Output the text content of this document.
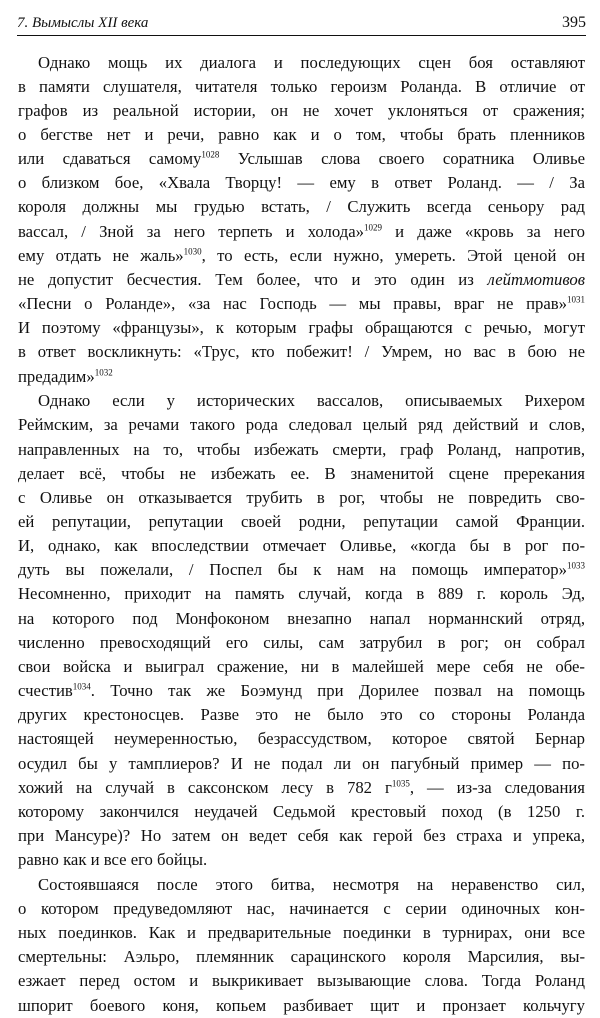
7. Вымыслы XII века	395
Однако мощь их диалога и последующих сцен боя оставляют
в памяти слушателя, читателя только героизм Роланда. В отличие от
графов из реальной истории, он не хочет уклоняться от сражения;
о бегстве нет и речи, равно как и о том, чтобы брать пленников
или сдаваться самому$^{1028}$ Услышав слова своего соратника Оливье
о близком бое, «Хвала Творцу! — ему в ответ Роланд. — / За
короля должны мы грудью встать, / Служить всегда сеньору рад
вассал, / Зной за него терпеть и холода»$^{1029}$ и даже «кровь за него
ему отдать не жаль»$^{1030}$, то есть, если нужно, умереть. Этой ценой он
не допустит бесчестия. Тем более, что и это один из лейтмотивов
«Песни о Роланде», «за нас Господь — мы правы, враг не прав»$^{1031}$
И поэтому «французы», к которым графы обращаются с речью, могут
в ответ воскликнуть: «Трус, кто побежит! / Умрем, но вас в бою не
предадим»$^{1032}$
Однако если у исторических вассалов, описываемых Рихером
Реймским, за речами такого рода следовал целый ряд действий и слов,
направленных на то, чтобы избежать смерти, граф Роланд, напротив,
делает всё, чтобы не избежать ее. В знаменитой сцене пререкания
с Оливье он отказывается трубить в рог, чтобы не повредить сво-
ей репутации, репутации своей родни, репутации самой Франции.
И, однако, как впоследствии отмечает Оливье, «когда бы в рог по-
дуть вы пожелали, / Поспел бы к нам на помощь император»$^{1033}$
Несомненно, приходит на память случай, когда в 889 г. король Эд,
на которого под Монфоконом внезапно напал норманнский отряд,
численно превосходящий его силы, сам затрубил в рог; он собрал
свои войска и выиграл сражение, ни в малейшей мере себя не обе-
счестив$^{1034}$. Точно так же Боэмунд при Дорилее позвал на помощь
других крестоносцев. Разве это не было это со стороны Роланда
настоящей неумеренностью, безрассудством, которое святой Бернар
осудил бы у тамплиеров? И не подал ли он пагубный пример — по-
хожий на случай в саксонском лесу в 782 $г^{1035}$, — из-за следования
которому закончился неудачей Седьмой крестовый поход (в 1250 г.
при Мансуре)? Но затем он ведет себя как герой без страха и упрека,
равно как и все его бойцы.
Состоявшаяся после этого битва, несмотря на неравенство сил,
о котором предуведомляют нас, начинается с серии одиночных кон-
ных поединков. Как и предварительные поединки в турнирах, они все
смертельны: Аэльро, племянник сарацинского короля Марсилия, вы-
езжает перед остом и выкрикивает вызывающие слова. Тогда Роланд
шпорит боевого коня, копьем разбивает щит и пронзает кольчугу
